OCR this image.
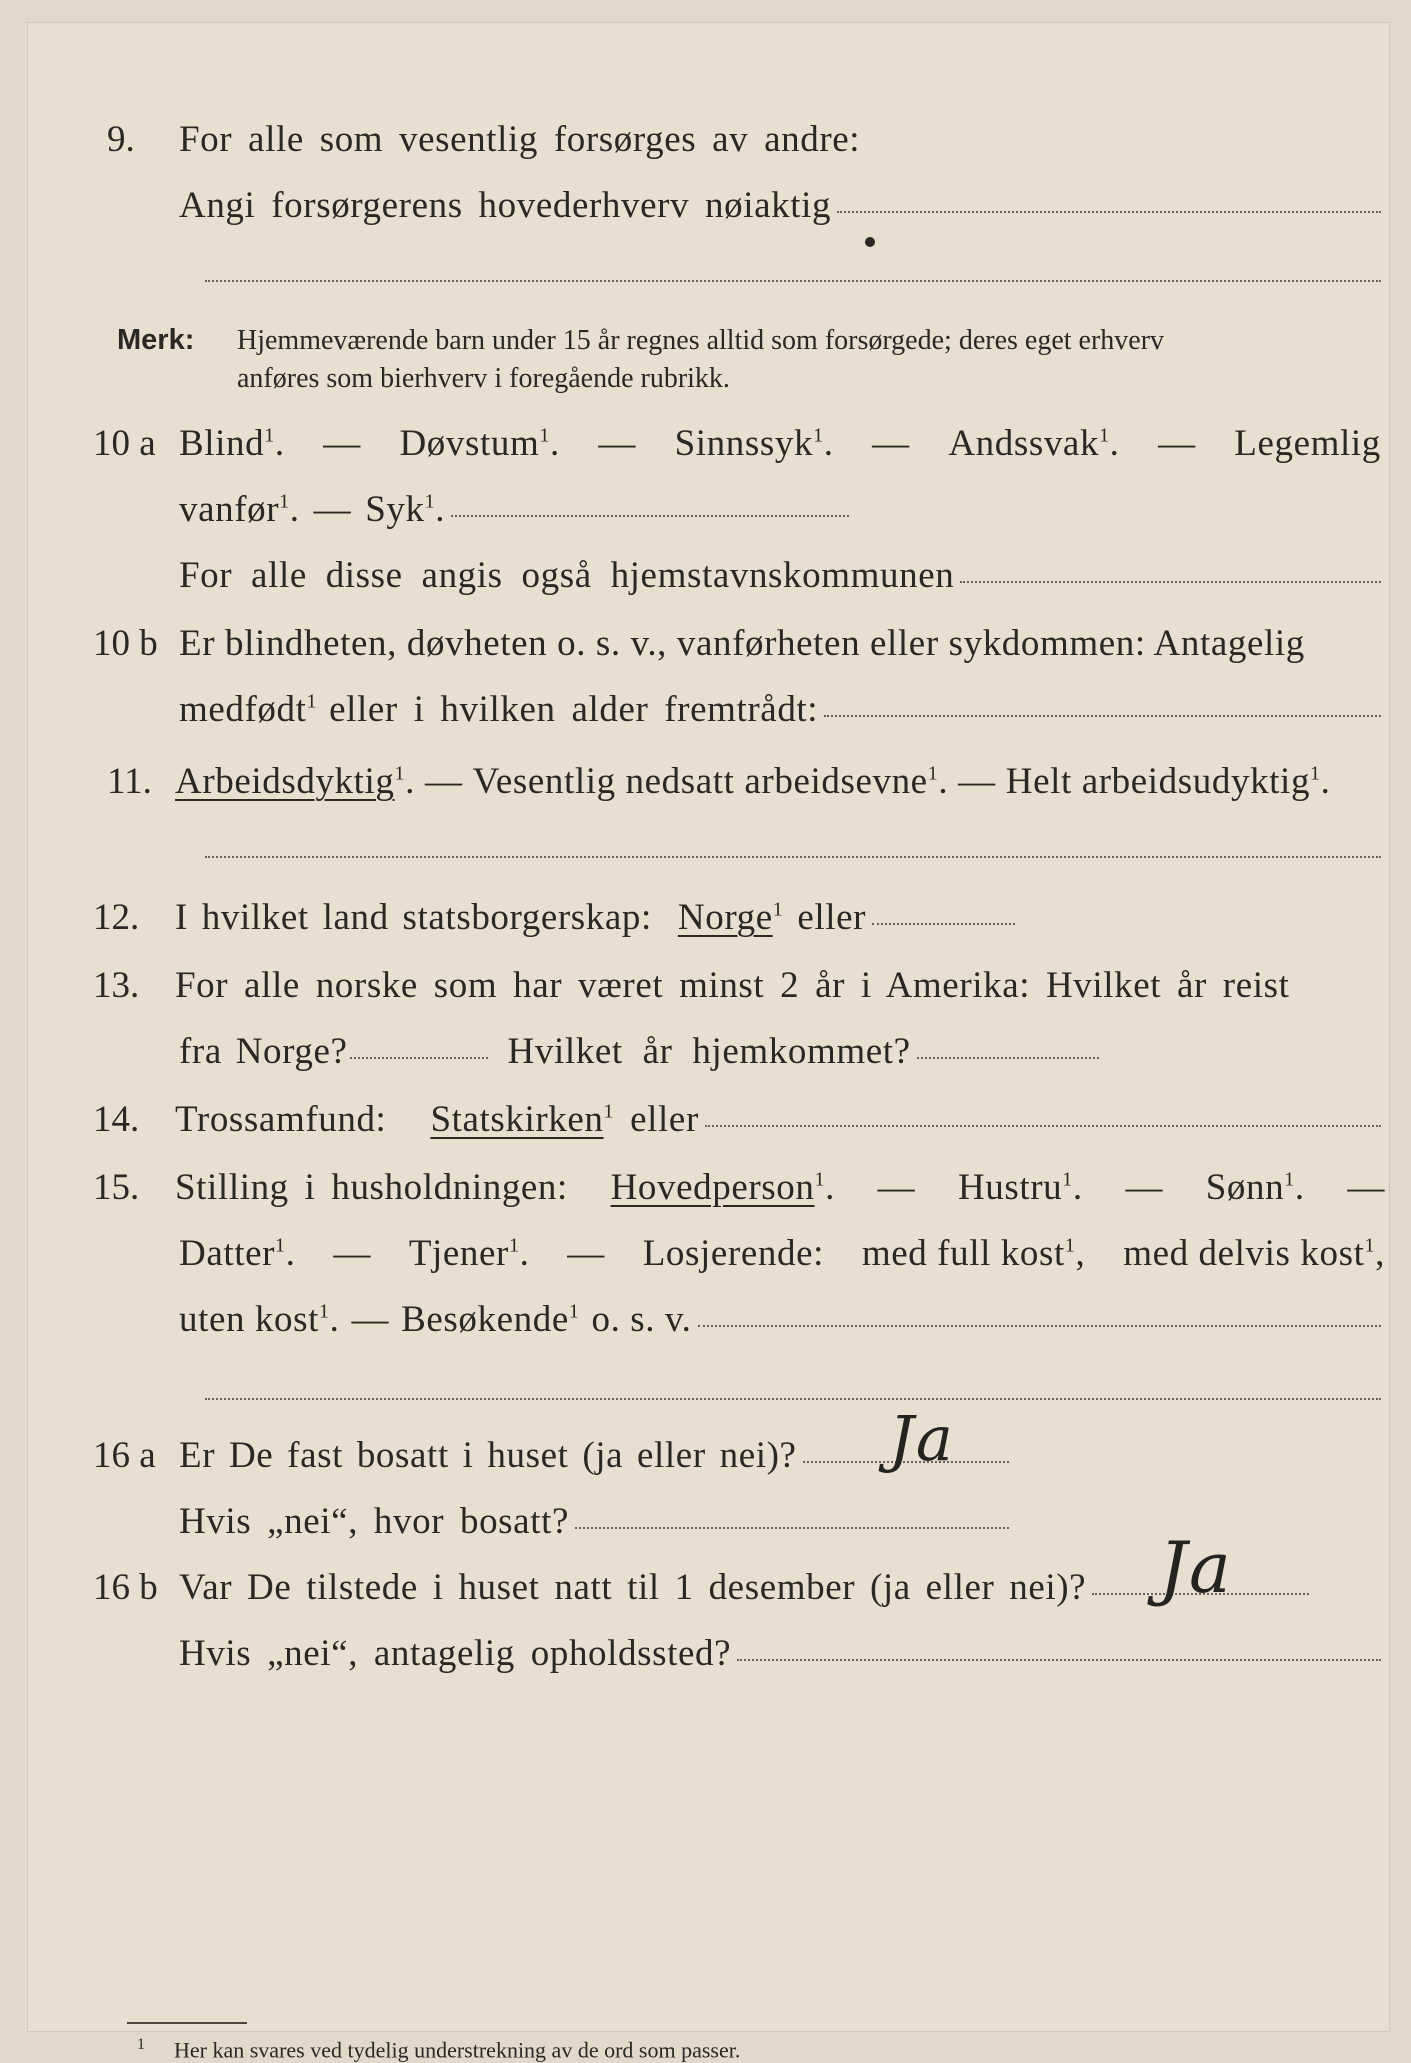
9. For alle som vesentlig forsørges av andre:
Angi forsørgerens hovederhverv nøiaktig
Merk: Hjemmeværende barn under 15 år regnes alltid som forsørgede; deres eget erhverv
anføres som bierhverv i foregående rubrikk.
10 a Blind$^1$. — Døvstum$^1$. — Sinnssyk$^1$. — Andssvak$^1$. — Legemlig
vanfør$^1$. — Syk$^1$.
For alle disse angis også hjemstavnskommunen
10 b Er blindheten, døvheten o. s. v., vanførheten eller sykdommen: Antagelig
medfødt$^1$ eller i hvilken alder fremtrådt:
11. Arbeidsdyktig$^1$. — Vesentlig nedsatt arbeidsevne$^1$. — Helt arbeidsudyktig$^1$.
12. I hvilket land statsborgerskap: Norge$^1$ eller
13. For alle norske som har været minst 2 år i Amerika: Hvilket år reist
fra Norge?	Hvilket år hjemkommet?
14. Trossamfund: Statskirken$^1$ eller
15. Stilling i husholdningen: Hovedperson$^1$. — Hustru$^1$. — Sønn$^1$. —
Datter$^1$. — Tjener$^1$. — Losjerende: med full kost$^1$, med delvis kost$^1$,
uten kost$^1$. — Besøkende$^1$ o. s. v.
16 a Er De fast bosatt i huset (ja eller nei)? Ja
Hvis „nei“, hvor bosatt?
16 b Var De tilstede i huset natt til 1 desember (ja eller nei)? Ja
Hvis „nei“, antagelig opholdssted?
$^1$ Her kan svares ved tydelig understrekning av de ord som passer.
